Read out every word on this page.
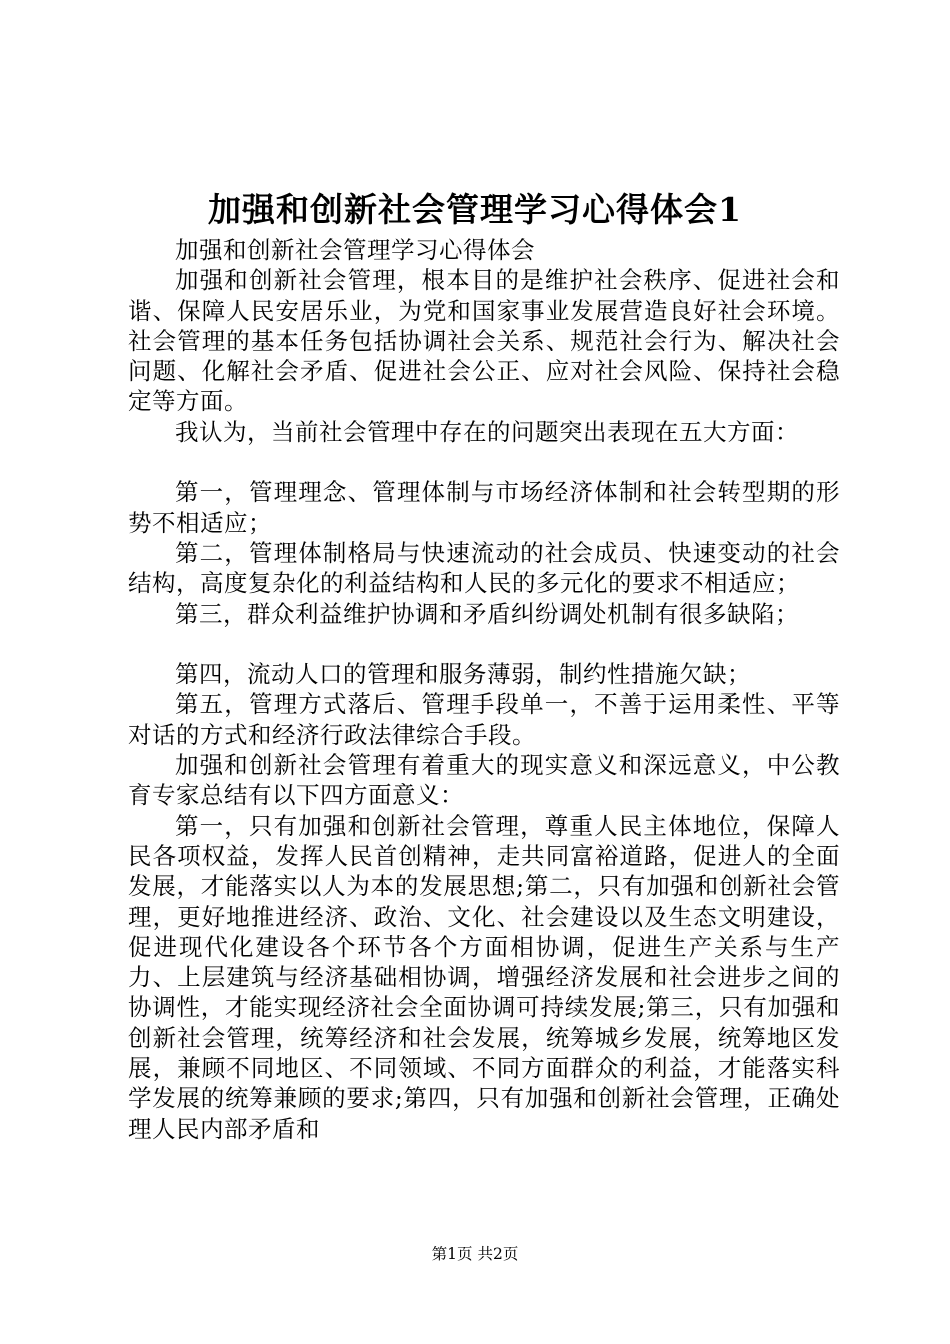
加强和创新社会管理学习心得体会1

加强和创新社会管理学习心得体会

加强和创新社会管理，根本目的是维护社会秩序、促进社会和谐、保障人民安居乐业，为党和国家事业发展营造良好社会环境。社会管理的基本任务包括协调社会关系、规范社会行为、解决社会问题、化解社会矛盾、促进社会公正、应对社会风险、保持社会稳定等方面。

我认为，当前社会管理中存在的问题突出表现在五大方面：

第一，管理理念、管理体制与市场经济体制和社会转型期的形势不相适应；

第二，管理体制格局与快速流动的社会成员、快速变动的社会结构，高度复杂化的利益结构和人民的多元化的要求不相适应；

第三，群众利益维护协调和矛盾纠纷调处机制有很多缺陷；

第四，流动人口的管理和服务薄弱，制约性措施欠缺；

第五，管理方式落后、管理手段单一，不善于运用柔性、平等对话的方式和经济行政法律综合手段。

加强和创新社会管理有着重大的现实意义和深远意义，中公教育专家总结有以下四方面意义：

第一，只有加强和创新社会管理，尊重人民主体地位，保障人民各项权益，发挥人民首创精神，走共同富裕道路，促进人的全面发展，才能落实以人为本的发展思想;第二，只有加强和创新社会管理，更好地推进经济、政治、文化、社会建设以及生态文明建设，促进现代化建设各个环节各个方面相协调，促进生产关系与生产力、上层建筑与经济基础相协调，增强经济发展和社会进步之间的协调性，才能实现经济社会全面协调可持续发展;第三，只有加强和创新社会管理，统筹经济和社会发展，统筹城乡发展，统筹地区发展，兼顾不同地区、不同领域、不同方面群众的利益，才能落实科学发展的统筹兼顾的要求;第四，只有加强和创新社会管理，正确处理人民内部矛盾和

第1页 共2页
